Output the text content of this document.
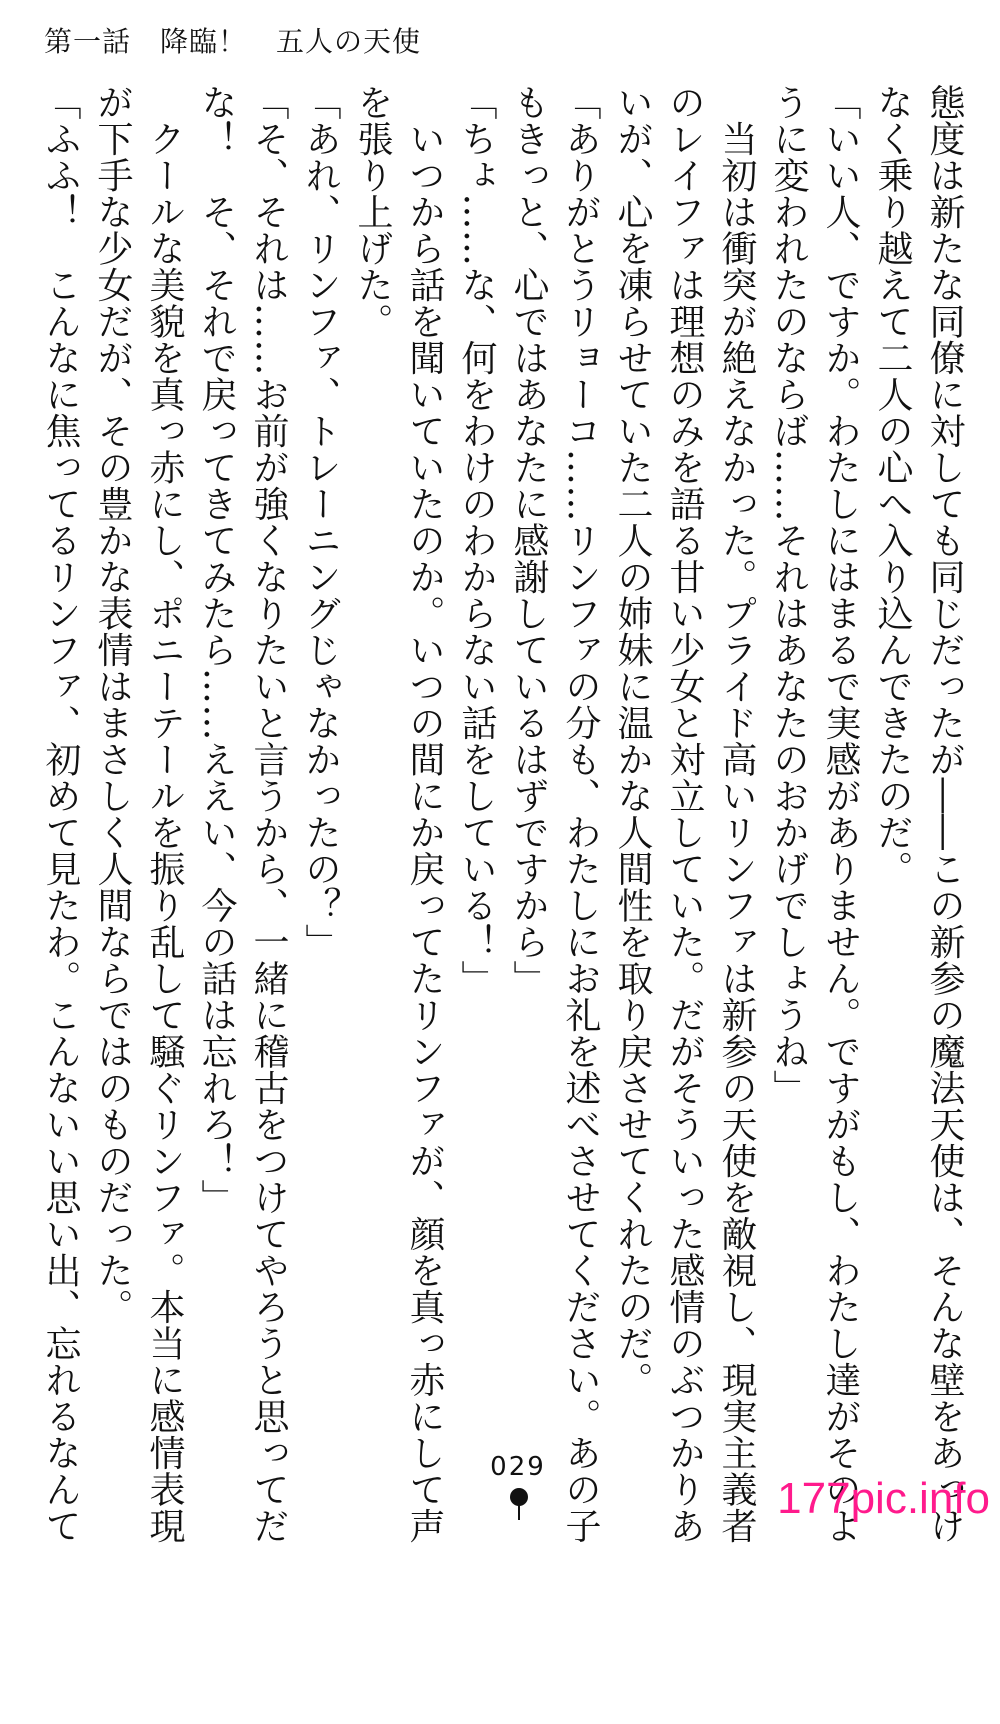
第一話　降臨！　五人の天使

態度は新たな同僚に対しても同じだったが――この新参の魔法天使は、そんな壁をあっけ

なく乗り越えて二人の心へ入り込んできたのだ。

「いい人、ですか。わたしにはまるで実感がありません。ですがもし、わたし達がそのよ

うに変われたのならば……それはあなたのおかげでしょうね」

　当初は衝突が絶えなかった。プライド高いリンファは新参の天使を敵視し、現実主義者

のレイファは理想のみを語る甘い少女と対立していた。だがそういった感情のぶつかりあ

いが、心を凍らせていた二人の姉妹に温かな人間性を取り戻させてくれたのだ。

「ありがとうリョーコ……リンファの分も、わたしにお礼を述べさせてください。あの子

もきっと、心ではあなたに感謝しているはずですから」

「ちょ……な、何をわけのわからない話をしている！」

　いつから話を聞いていたのか。いつの間にか戻ってたリンファが、顔を真っ赤にして声

を張り上げた。

「あれ、リンファ、トレーニングじゃなかったの？」

「そ、それは……お前が強くなりたいと言うから、一緒に稽古をつけてやろうと思ってだ

な！　そ、それで戻ってきてみたら……ええい、今の話は忘れろ！」

　クールな美貌を真っ赤にし、ポニーテールを振り乱して騒ぐリンファ。本当に感情表現

が下手な少女だが、その豊かな表情はまさしく人間ならではのものだった。

「ふふ！　こんなに焦ってるリンファ、初めて見たわ。こんないい思い出、忘れるなんて	029
177pic.info
